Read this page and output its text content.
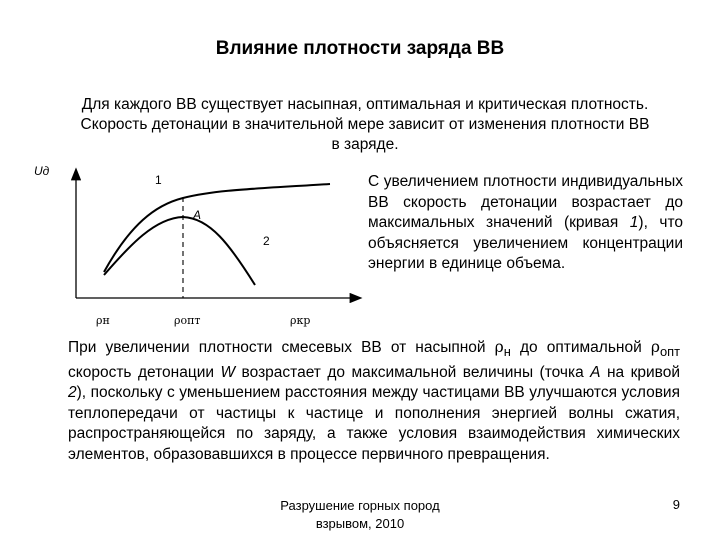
Влияние плотности заряда ВВ
Для каждого ВВ существует насыпная, оптимальная и критическая плотность. Скорость детонации в значительной мере зависит от изменения плотности ВВ в заряде.
Uд
1
A
2
ρн	ρопт	ρкр
С увеличением плотности индивидуальных ВВ скорость детонации возрастает до максимальных значений (кривая 1), что объясняется увеличением концентрации энергии в единице объема.
При увеличении плотности смесевых ВВ от насыпной $\rho_н$ до оптимальной $\rho_{опт}$ скорость детонации W возрастает до максимальной величины (точка A на кривой 2), поскольку с уменьшением расстояния между частицами ВВ улучшаются условия теплопередачи от частицы к частице и пополнения энергией волны сжатия, распространяющейся по заряду, а также условия взаимодействия химических элементов, образовавшихся в процессе первичного превращения.
Разрушение горных пород
взрывом, 2010
9
